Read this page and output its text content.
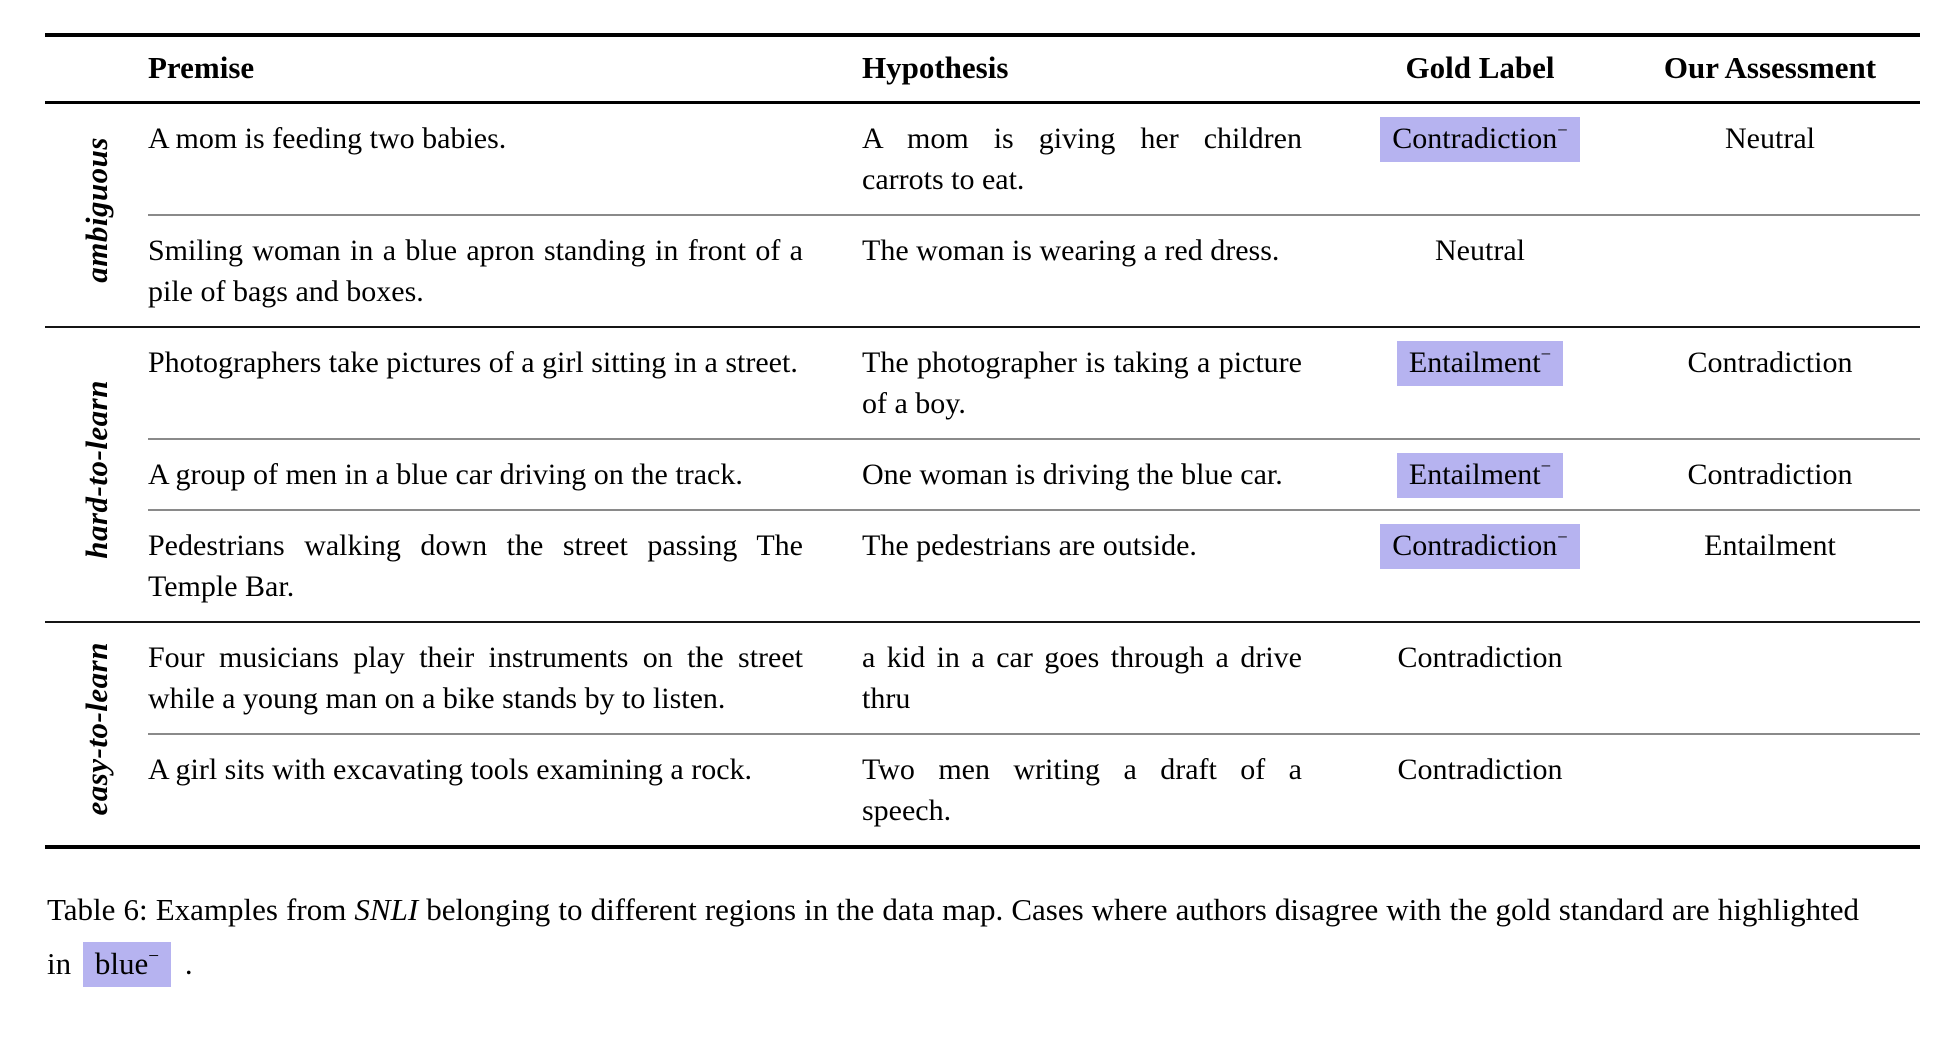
	Premise	Hypothesis	Gold Label	Our Assessment
ambiguous	A mom is feeding two babies.	A mom is giving her children carrots to eat.	Contradiction−	Neutral
	Smiling woman in a blue apron standing in front of a pile of bags and boxes.	The woman is wearing a red dress.	Neutral	
hard-to-learn	Photographers take pictures of a girl sitting in a street.	The photographer is taking a picture of a boy.	Entailment−	Contradiction
	A group of men in a blue car driving on the track.	One woman is driving the blue car.	Entailment−	Contradiction
	Pedestrians walking down the street passing The Temple Bar.	The pedestrians are outside.	Contradiction−	Entailment
easy-to-learn	Four musicians play their instruments on the street while a young man on a bike stands by to listen.	a kid in a car goes through a drive thru	Contradiction	
	A girl sits with excavating tools examining a rock.	Two men writing a draft of a speech.	Contradiction	

Table 6: Examples from SNLI belonging to different regions in the data map. Cases where authors disagree with the gold standard are highlighted in blue− .
